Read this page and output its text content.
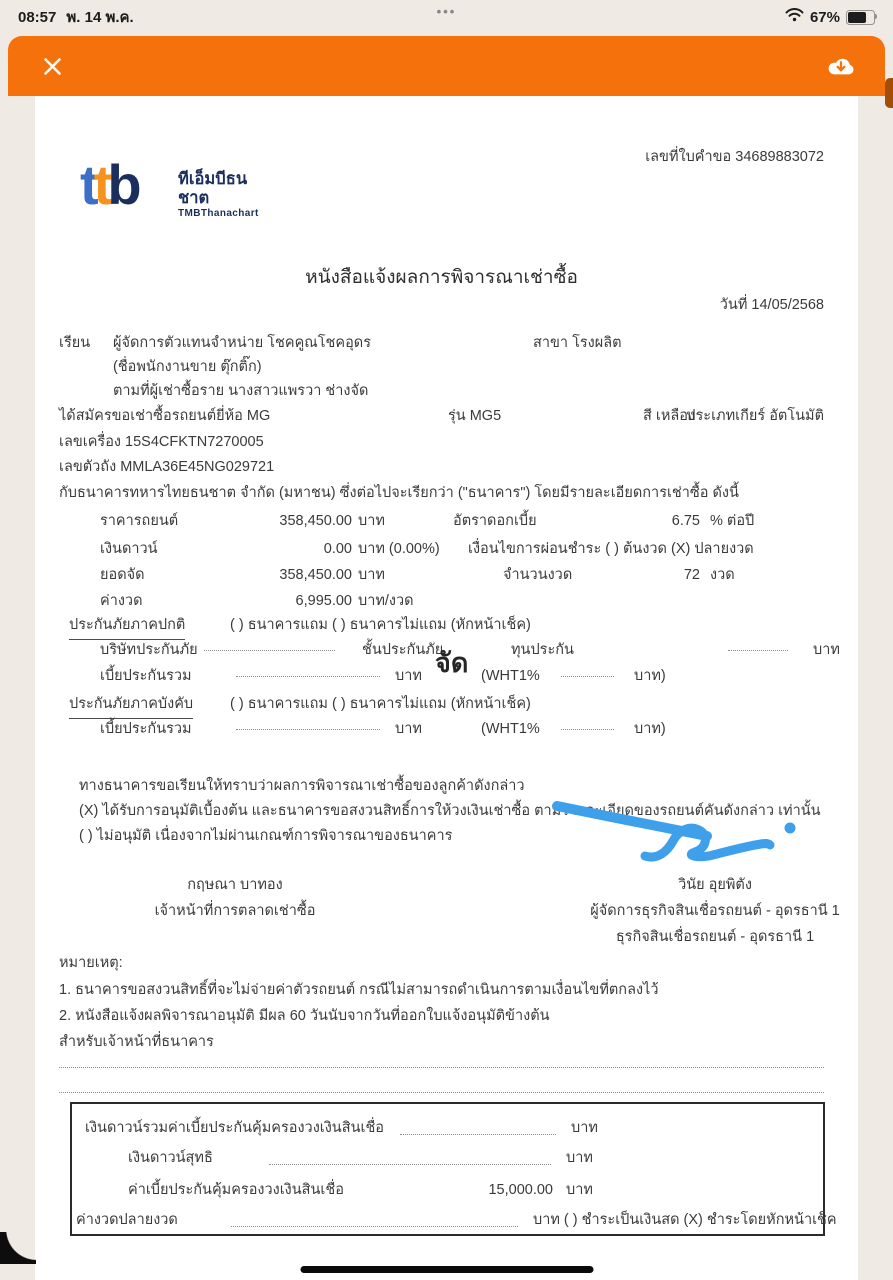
08:57 พ. 14 พ.ค.	•••	67%
เลขที่ใบคำขอ 34689883072
ttb	ทีเอ็มบีธนชาต
TMBThanachart
หนังสือแจ้งผลการพิจารณาเช่าซื้อ
วันที่ 14/05/2568
เรียน ผู้จัดการตัวแทนจำหน่าย โชคคูณโชคอุดร	สาขา โรงผลิต
(ชื่อพนักงานขาย ตุ๊กติ๊ก)
ตามที่ผู้เช่าซื้อราย นางสาวแพรวา ช่างจัด
ได้สมัครขอเช่าซื้อรถยนต์ยี่ห้อ MG	รุ่น MG5	สี เหลือง
ประเภทเกียร์ อัตโนมัติ
เลขเครื่อง 15S4CFKTN7270005
เลขตัวถัง MMLA36E45NG029721
กับธนาคารทหารไทยธนชาต จำกัด (มหาชน) ซึ่งต่อไปจะเรียกว่า ("ธนาคาร") โดยมีรายละเอียดการเช่าซื้อ ดังนี้
ราคารถยนต์	358,450.00 บาท	อัตราดอกเบี้ย	6.75 % ต่อปี
เงินดาวน์	0.00 บาท (0.00%) เงื่อนไขการผ่อนชำระ ( ) ต้นงวด (X) ปลายงวด
ยอดจัด	358,450.00 บาท	จำนวนงวด	72 งวด
ค่างวด	6,995.00 บาท/งวด
ประกันภัยภาคปกติ	( ) ธนาคารแถม ( ) ธนาคารไม่แถม (หักหน้าเช็ค)
บริษัทประกันภัย	ชั้นประกันภัย	ทุนประกัน	บาท
จัด
เบี้ยประกันรวม	บาท	(WHT1%	บาท)
ประกันภัยภาคบังคับ	( ) ธนาคารแถม ( ) ธนาคารไม่แถม (หักหน้าเช็ค)
เบี้ยประกันรวม	บาท	(WHT1%	บาท)
ทางธนาคารขอเรียนให้ทราบว่าผลการพิจารณาเช่าซื้อของลูกค้าดังกล่าว
(X) ได้รับการอนุมัติเบื้องต้น และธนาคารขอสงวนสิทธิ์การให้วงเงินเช่าซื้อ ตามรายละเอียดของรถยนต์คันดังกล่าว เท่านั้น
( ) ไม่อนุมัติ เนื่องจากไม่ผ่านเกณฑ์การพิจารณาของธนาคาร
กฤษณา บาทอง	วินัย อุยพิตัง
เจ้าหน้าที่การตลาดเช่าซื้อ	ผู้จัดการธุรกิจสินเชื่อรถยนต์ - อุดรธานี 1
ธุรกิจสินเชื่อรถยนต์ - อุดรธานี 1
หมายเหตุ:
1. ธนาคารขอสงวนสิทธิ์ที่จะไม่จ่ายค่าตัวรถยนต์ กรณีไม่สามารถดำเนินการตามเงื่อนไขที่ตกลงไว้
2. หนังสือแจ้งผลพิจารณาอนุมัติ มีผล 60 วันนับจากวันที่ออกใบแจ้งอนุมัติข้างต้น
สำหรับเจ้าหน้าที่ธนาคาร
เงินดาวน์รวมค่าเบี้ยประกันคุ้มครองวงเงินสินเชื่อ	บาท
เงินดาวน์สุทธิ	บาท
ค่าเบี้ยประกันคุ้มครองวงเงินสินเชื่อ	15,000.00 บาท
ค่างวดปลายงวด	บาท ( ) ชำระเป็นเงินสด (X) ชำระโดยหักหน้าเช็ค
